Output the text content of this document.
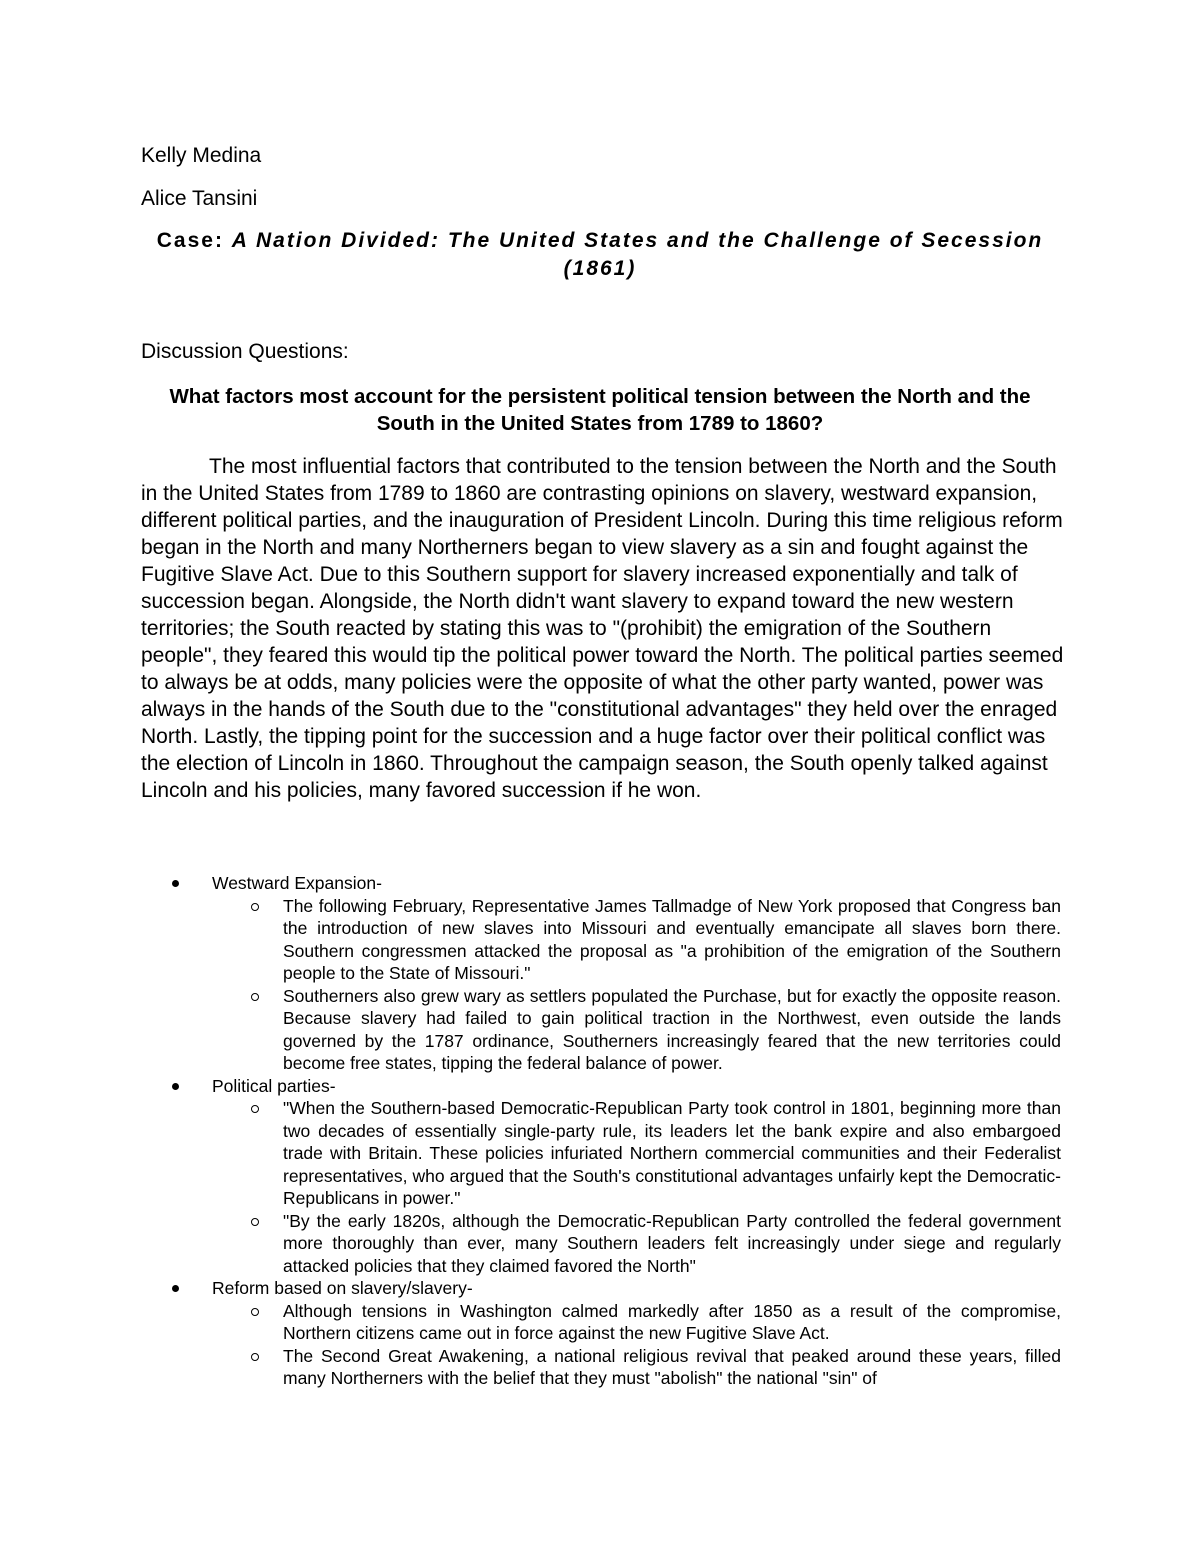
Kelly Medina
Alice Tansini
Case: A Nation Divided: The United States and the Challenge of Secession (1861)
Discussion Questions:
What factors most account for the persistent political tension between the North and the South in the United States from 1789 to 1860?

The most influential factors that contributed to the tension between the North and the South in the United States from 1789 to 1860 are contrasting opinions on slavery, westward expansion, different political parties, and the inauguration of President Lincoln. During this time religious reform began in the North and many Northerners began to view slavery as a sin and fought against the Fugitive Slave Act. Due to this Southern support for slavery increased exponentially and talk of succession began. Alongside, the North didn't want slavery to expand toward the new western territories; the South reacted by stating this was to "(prohibit) the emigration of the Southern people", they feared this would tip the political power toward the North. The political parties seemed to always be at odds, many policies were the opposite of what the other party wanted, power was always in the hands of the South due to the "constitutional advantages" they held over the enraged North. Lastly, the tipping point for the succession and a huge factor over their political conflict was the election of Lincoln in 1860. Throughout the campaign season, the South openly talked against Lincoln and his policies, many favored succession if he won.

Westward Expansion-
The following February, Representative James Tallmadge of New York proposed that Congress ban the introduction of new slaves into Missouri and eventually emancipate all slaves born there. Southern congressmen attacked the proposal as "a prohibition of the emigration of the Southern people to the State of Missouri."
Southerners also grew wary as settlers populated the Purchase, but for exactly the opposite reason. Because slavery had failed to gain political traction in the Northwest, even outside the lands governed by the 1787 ordinance, Southerners increasingly feared that the new territories could become free states, tipping the federal balance of power.
Political parties-
"When the Southern-based Democratic-Republican Party took control in 1801, beginning more than two decades of essentially single-party rule, its leaders let the bank expire and also embargoed trade with Britain. These policies infuriated Northern commercial communities and their Federalist representatives, who argued that the South's constitutional advantages unfairly kept the Democratic-Republicans in power."
"By the early 1820s, although the Democratic-Republican Party controlled the federal government more thoroughly than ever, many Southern leaders felt increasingly under siege and regularly attacked policies that they claimed favored the North"
Reform based on slavery/slavery-
Although tensions in Washington calmed markedly after 1850 as a result of the compromise, Northern citizens came out in force against the new Fugitive Slave Act.
The Second Great Awakening, a national religious revival that peaked around these years, filled many Northerners with the belief that they must "abolish" the national "sin" of
